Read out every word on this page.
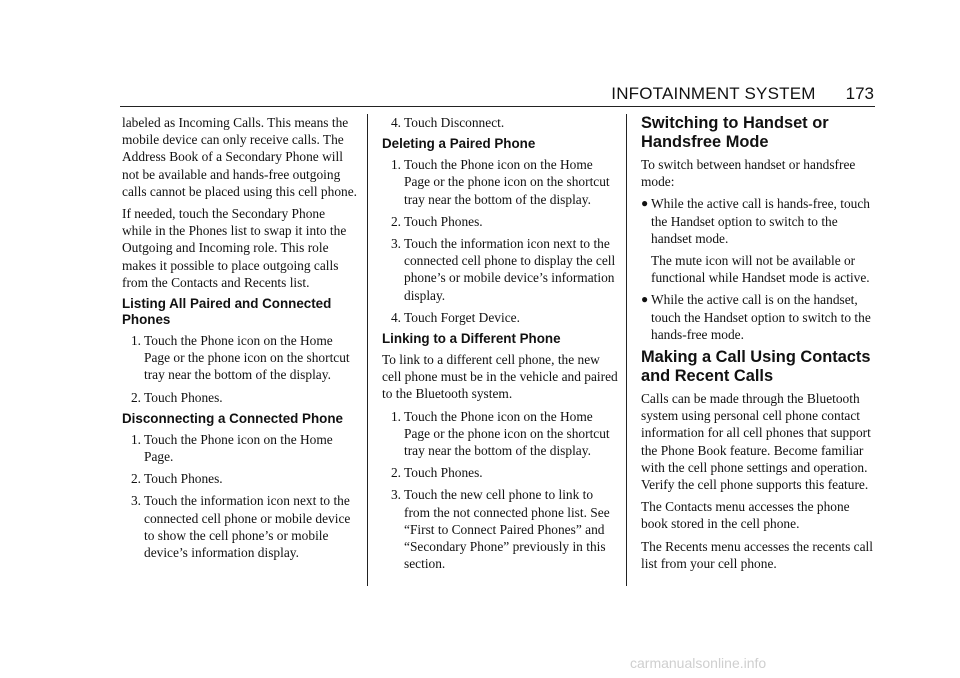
INFOTAINMENT SYSTEM 173

labeled as Incoming Calls. This means the mobile device can only receive calls. The Address Book of a Secondary Phone will not be available and hands-free outgoing calls cannot be placed using this cell phone.

If needed, touch the Secondary Phone while in the Phones list to swap it into the Outgoing and Incoming role. This role makes it possible to place outgoing calls from the Contacts and Recents list.

Listing All Paired and Connected Phones
1. Touch the Phone icon on the Home Page or the phone icon on the shortcut tray near the bottom of the display.
2. Touch Phones.
Disconnecting a Connected Phone
1. Touch the Phone icon on the Home Page.
2. Touch Phones.
3. Touch the information icon next to the connected cell phone or mobile device to show the cell phone’s or mobile device’s information display.
4. Touch Disconnect.
Deleting a Paired Phone
1. Touch the Phone icon on the Home Page or the phone icon on the shortcut tray near the bottom of the display.
2. Touch Phones.
3. Touch the information icon next to the connected cell phone to display the cell phone’s or mobile device’s information display.
4. Touch Forget Device.
Linking to a Different Phone

To link to a different cell phone, the new cell phone must be in the vehicle and paired to the Bluetooth system.

1. Touch the Phone icon on the Home Page or the phone icon on the shortcut tray near the bottom of the display.
2. Touch Phones.
3. Touch the new cell phone to link to from the not connected phone list. See “First to Connect Paired Phones” and “Secondary Phone” previously in this section.
Switching to Handset or Handsfree Mode

To switch between handset or handsfree mode:

● While the active call is hands-free, touch the Handset option to switch to the handset mode.

The mute icon will not be available or functional while Handset mode is active.

● While the active call is on the handset, touch the Handset option to switch to the hands-free mode.
Making a Call Using Contacts and Recent Calls

Calls can be made through the Bluetooth system using personal cell phone contact information for all cell phones that support the Phone Book feature. Become familiar with the cell phone settings and operation. Verify the cell phone supports this feature.

The Contacts menu accesses the phone book stored in the cell phone.

The Recents menu accesses the recents call list from your cell phone.

carmanualsonline.info
